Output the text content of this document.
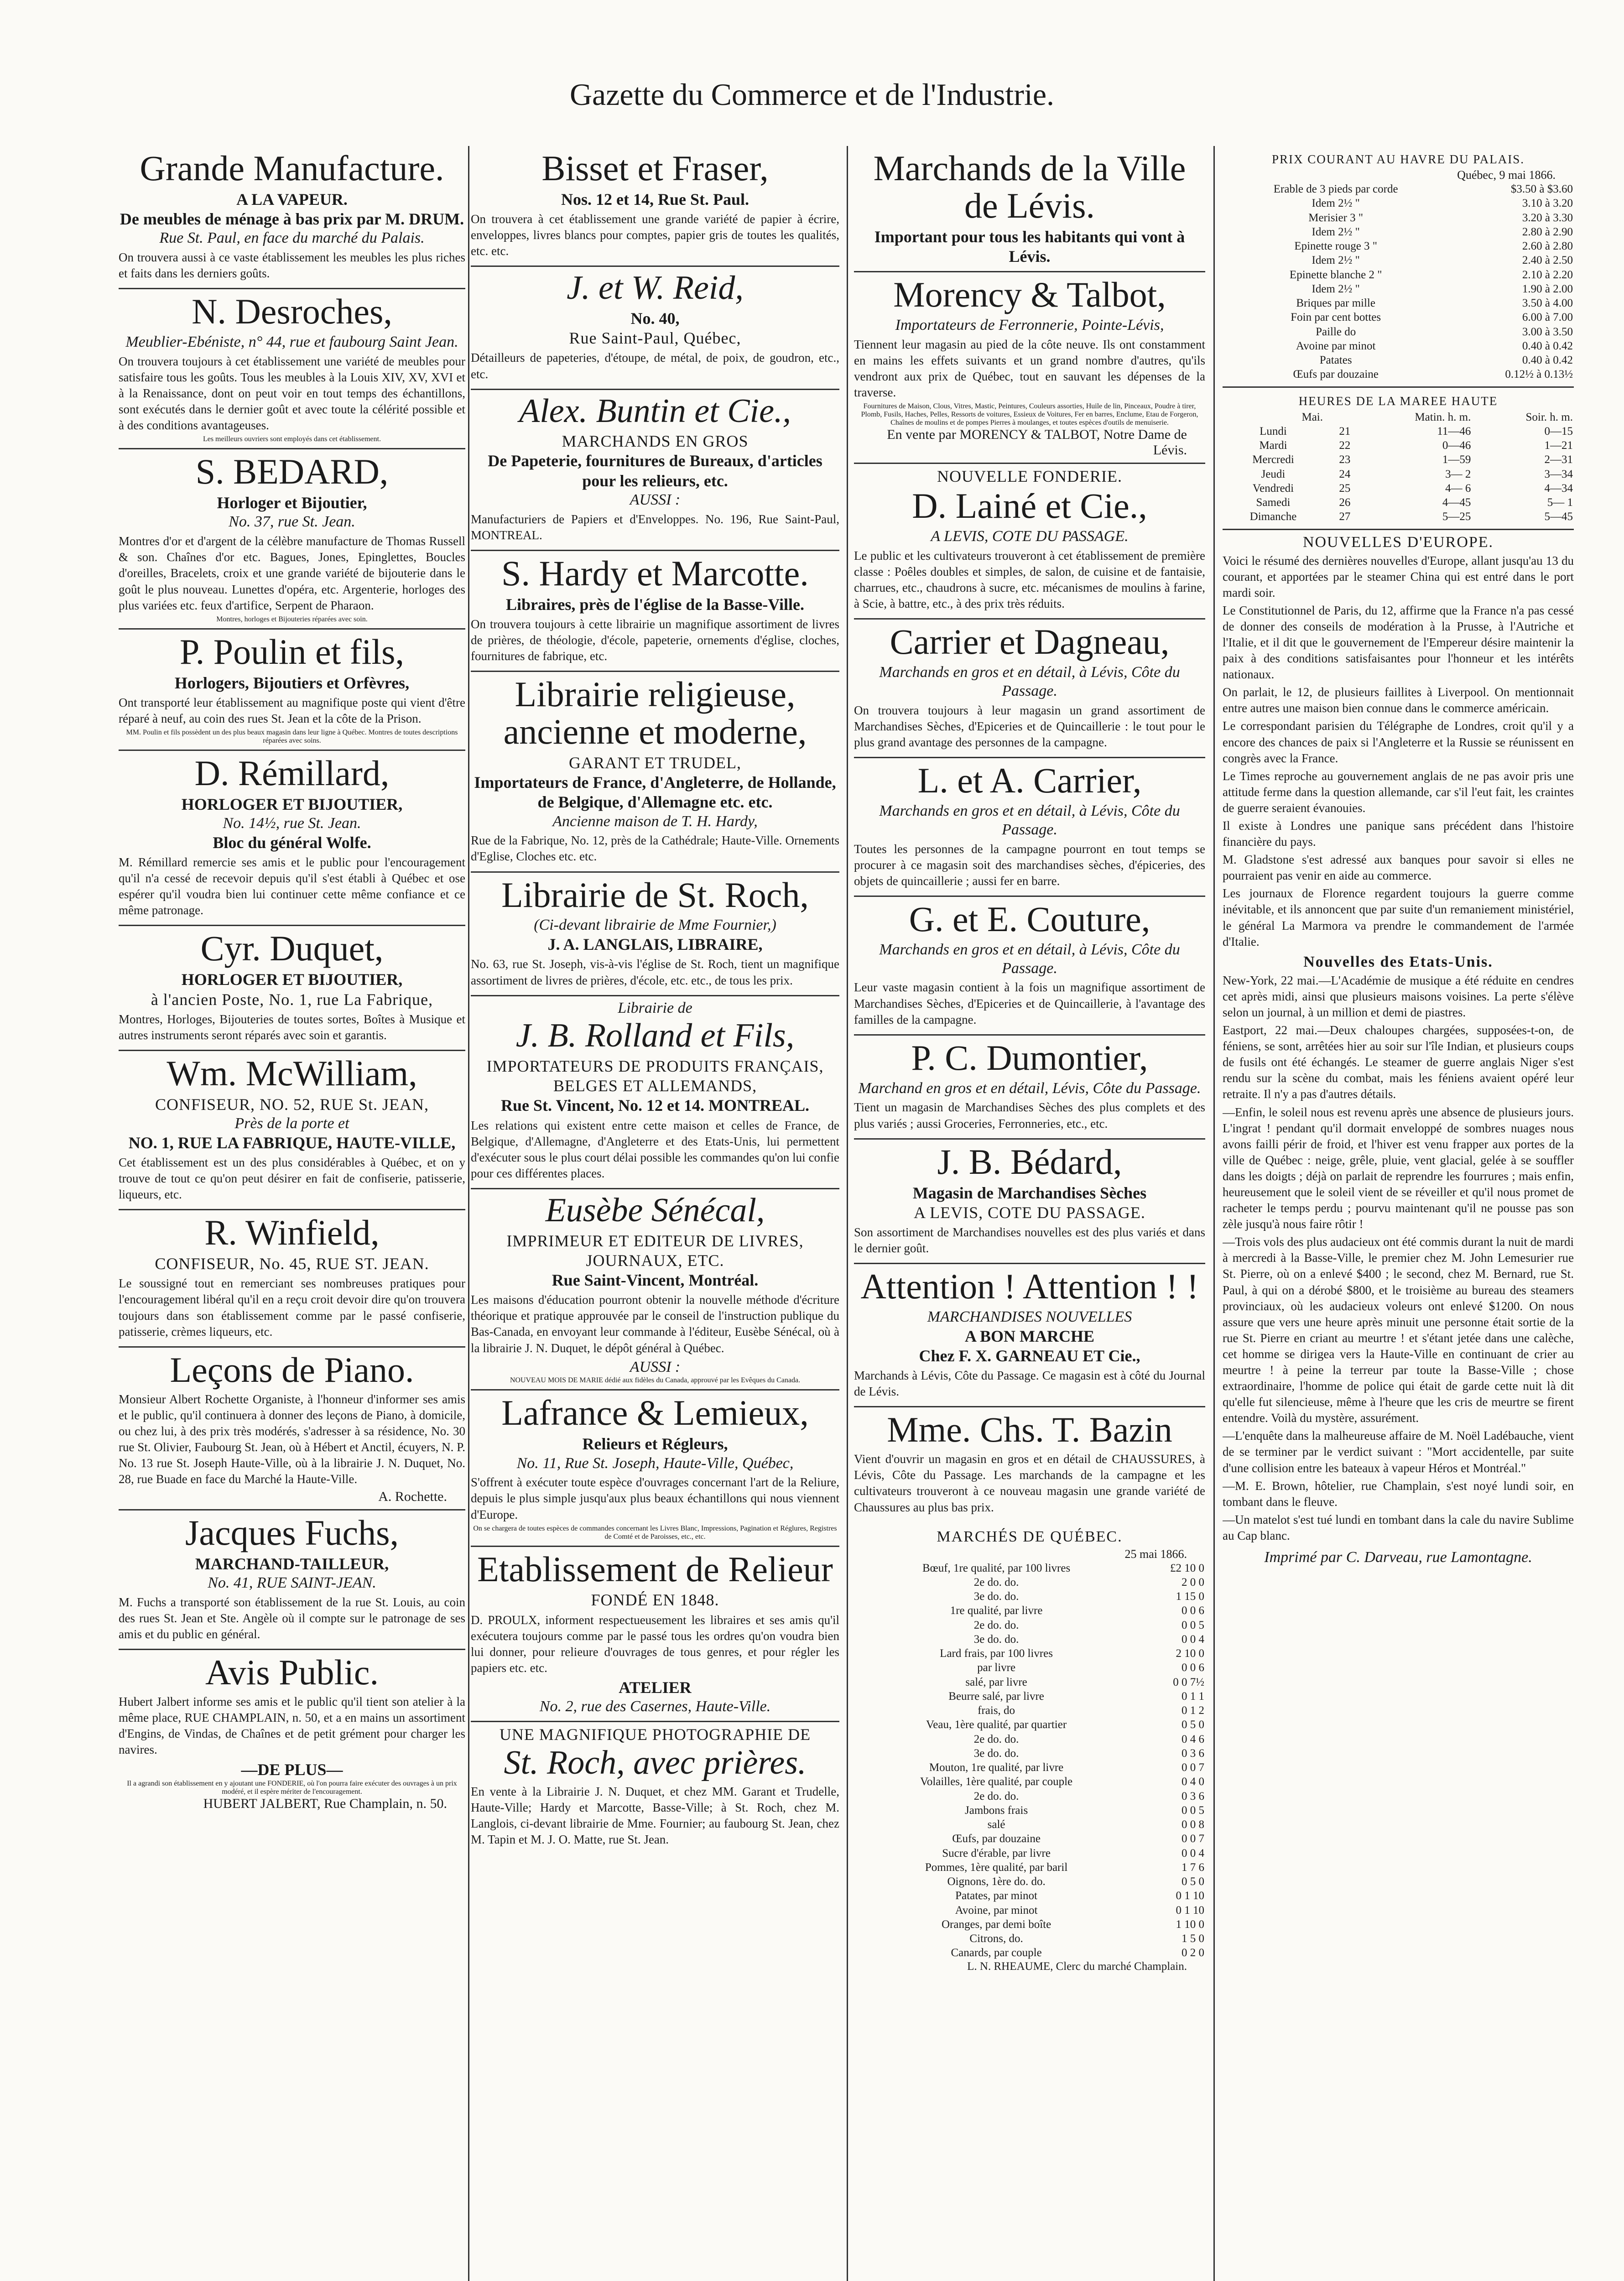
Gazette du Commerce et de l'Industrie.
Grande Manufacture.
A LA VAPEUR.
De meubles de ménage à bas prix par M. DRUM.
Rue St. Paul, en face du marché du Palais.
On trouvera aussi à ce vaste établissement les meubles les plus riches et faits dans les derniers goûts.
N. Desroches,
Meublier-Ebéniste, n° 44, rue et faubourg Saint Jean.
On trouvera toujours à cet établissement une variété de meubles pour satisfaire tous les goûts. Tous les meubles à la Louis XIV, XV, XVI et à la Renaissance, dont on peut voir en tout temps des échantillons, sont exécutés dans le dernier goût et avec toute la célérité possible et à des conditions avantageuses.
Les meilleurs ouvriers sont employés dans cet établissement.
S. BEDARD,
Horloger et Bijoutier,
No. 37, rue St. Jean.
Montres d'or et d'argent de la célèbre manufacture de Thomas Russell & son. Chaînes d'or etc. Bagues, Jones, Epinglettes, Boucles d'oreilles, Bracelets, croix et une grande variété de bijouterie dans le goût le plus nouveau. Lunettes d'opéra, etc. Argenterie, horloges des plus variées etc. feux d'artifice, Serpent de Pharaon.
Montres, horloges et Bijouteries réparées avec soin.
P. Poulin et fils,
Horlogers, Bijoutiers et Orfèvres,
Ont transporté leur établissement au magnifique poste qui vient d'être réparé à neuf, au coin des rues St. Jean et la côte de la Prison.
MM. Poulin et fils possèdent un des plus beaux magasin dans leur ligne à Québec. Montres de toutes descriptions réparées avec soins.
D. Rémillard,
HORLOGER ET BIJOUTIER,
No. 14½, rue St. Jean.
Bloc du général Wolfe.
M. Rémillard remercie ses amis et le public pour l'encouragement qu'il n'a cessé de recevoir depuis qu'il s'est établi à Québec et ose espérer qu'il voudra bien lui continuer cette même confiance et ce même patronage.
Cyr. Duquet,
HORLOGER ET BIJOUTIER,
à l'ancien Poste, No. 1, rue La Fabrique,
Montres, Horloges, Bijouteries de toutes sortes, Boîtes à Musique et autres instruments seront réparés avec soin et garantis.
Wm. McWilliam,
CONFISEUR, NO. 52, RUE St. JEAN,
Près de la porte et
NO. 1, RUE LA FABRIQUE, HAUTE-VILLE,
Cet établissement est un des plus considérables à Québec, et on y trouve de tout ce qu'on peut désirer en fait de confiserie, patisserie, liqueurs, etc.
R. Winfield,
CONFISEUR, No. 45, RUE ST. JEAN.
Le soussigné tout en remerciant ses nombreuses pratiques pour l'encouragement libéral qu'il en a reçu croit devoir dire qu'on trouvera toujours dans son établissement comme par le passé confiserie, patisserie, crèmes liqueurs, etc.
Leçons de Piano.
Monsieur Albert Rochette Organiste, à l'honneur d'informer ses amis et le public, qu'il continuera à donner des leçons de Piano, à domicile, ou chez lui, à des prix très modérés, s'adresser à sa résidence, No. 30 rue St. Olivier, Faubourg St. Jean, où à Hébert et Anctil, écuyers, N. P. No. 13 rue St. Joseph Haute-Ville, où à la librairie J. N. Duquet, No. 28, rue Buade en face du Marché la Haute-Ville.
A. Rochette.
Jacques Fuchs,
MARCHAND-TAILLEUR,
No. 41, RUE SAINT-JEAN.
M. Fuchs a transporté son établissement de la rue St. Louis, au coin des rues St. Jean et Ste. Angèle où il compte sur le patronage de ses amis et du public en général.
Avis Public.
Hubert Jalbert informe ses amis et le public qu'il tient son atelier à la même place, RUE CHAMPLAIN, n. 50, et a en mains un assortiment d'Engins, de Vindas, de Chaînes et de petit grément pour charger les navires.
—DE PLUS—
Il a agrandi son établissement en y ajoutant une FONDERIE, où l'on pourra faire exécuter des ouvrages à un prix modéré, et il espère mériter de l'encouragement.
HUBERT JALBERT, Rue Champlain, n. 50.
Bisset et Fraser,
Nos. 12 et 14, Rue St. Paul.
On trouvera à cet établissement une grande variété de papier à écrire, enveloppes, livres blancs pour comptes, papier gris de toutes les qualités, etc. etc.
J. et W. Reid,
No. 40,
Rue Saint-Paul, Québec,
Détailleurs de papeteries, d'étoupe, de métal, de poix, de goudron, etc., etc.
Alex. Buntin et Cie.,
MARCHANDS EN GROS
De Papeterie, fournitures de Bureaux, d'articles pour les relieurs, etc.
AUSSI :
Manufacturiers de Papiers et d'Enveloppes. No. 196, Rue Saint-Paul, MONTREAL.
S. Hardy et Marcotte.
Libraires, près de l'église de la Basse-Ville.
On trouvera toujours à cette librairie un magnifique assortiment de livres de prières, de théologie, d'école, papeterie, ornements d'église, cloches, fournitures de fabrique, etc.
Librairie religieuse, ancienne et moderne,
GARANT ET TRUDEL,
Importateurs de France, d'Angleterre, de Hollande, de Belgique, d'Allemagne etc. etc.
Ancienne maison de T. H. Hardy,
Rue de la Fabrique, No. 12, près de la Cathédrale; Haute-Ville. Ornements d'Eglise, Cloches etc. etc.
Librairie de St. Roch,
(Ci-devant librairie de Mme Fournier,)
J. A. LANGLAIS, LIBRAIRE,
No. 63, rue St. Joseph, vis-à-vis l'église de St. Roch, tient un magnifique assortiment de livres de prières, d'école, etc. etc., de tous les prix.
Librairie de
J. B. Rolland et Fils,
IMPORTATEURS DE PRODUITS FRANÇAIS, BELGES ET ALLEMANDS,
Rue St. Vincent, No. 12 et 14. MONTREAL.
Les relations qui existent entre cette maison et celles de France, de Belgique, d'Allemagne, d'Angleterre et des Etats-Unis, lui permettent d'exécuter sous le plus court délai possible les commandes qu'on lui confie pour ces différentes places.
Eusèbe Sénécal,
IMPRIMEUR ET EDITEUR DE LIVRES, JOURNAUX, ETC.
Rue Saint-Vincent, Montréal.
Les maisons d'éducation pourront obtenir la nouvelle méthode d'écriture théorique et pratique approuvée par le conseil de l'instruction publique du Bas-Canada, en envoyant leur commande à l'éditeur, Eusèbe Sénécal, où à la librairie J. N. Duquet, le dépôt général à Québec.
AUSSI :
NOUVEAU MOIS DE MARIE dédié aux fidèles du Canada, approuvé par les Evêques du Canada.
Lafrance & Lemieux,
Relieurs et Régleurs,
No. 11, Rue St. Joseph, Haute-Ville, Québec,
S'offrent à exécuter toute espèce d'ouvrages concernant l'art de la Reliure, depuis le plus simple jusqu'aux plus beaux échantillons qui nous viennent d'Europe.
On se chargera de toutes espèces de commandes concernant les Livres Blanc, Impressions, Pagination et Réglures, Registres de Comté et de Paroisses, etc., etc.
Etablissement de Relieur
FONDÉ EN 1848.
D. PROULX, informent respectueusement les libraires et ses amis qu'il exécutera toujours comme par le passé tous les ordres qu'on voudra bien lui donner, pour relieure d'ouvrages de tous genres, et pour régler les papiers etc. etc.
ATELIER
No. 2, rue des Casernes, Haute-Ville.
UNE MAGNIFIQUE PHOTOGRAPHIE DE
St. Roch, avec prières.
En vente à la Librairie J. N. Duquet, et chez MM. Garant et Trudelle, Haute-Ville; Hardy et Marcotte, Basse-Ville; à St. Roch, chez M. Langlois, ci-devant librairie de Mme. Fournier; au faubourg St. Jean, chez M. Tapin et M. J. O. Matte, rue St. Jean.
Marchands de la Ville de Lévis.
Important pour tous les habitants qui vont à Lévis.
Morency & Talbot,
Importateurs de Ferronnerie, Pointe-Lévis,
Tiennent leur magasin au pied de la côte neuve. Ils ont constamment en mains les effets suivants et un grand nombre d'autres, qu'ils vendront aux prix de Québec, tout en sauvant les dépenses de la traverse.
Fournitures de Maison, Clous, Vitres, Mastic, Peintures, Couleurs assorties, Huile de lin, Pinceaux, Poudre à tirer, Plomb, Fusils, Haches, Pelles, Ressorts de voitures, Essieux de Voitures, Fer en barres, Enclume, Etau de Forgeron, Chaînes de moulins et de pompes Pierres à moulanges, et toutes espèces d'outils de menuiserie.
En vente par MORENCY & TALBOT, Notre Dame de Lévis.
NOUVELLE FONDERIE.
D. Lainé et Cie.,
A LEVIS, COTE DU PASSAGE.
Le public et les cultivateurs trouveront à cet établissement de première classe : Poêles doubles et simples, de salon, de cuisine et de fantaisie, charrues, etc., chaudrons à sucre, etc. mécanismes de moulins à farine, à Scie, à battre, etc., à des prix très réduits.
Carrier et Dagneau,
Marchands en gros et en détail, à Lévis, Côte du Passage.
On trouvera toujours à leur magasin un grand assortiment de Marchandises Sèches, d'Epiceries et de Quincaillerie : le tout pour le plus grand avantage des personnes de la campagne.
L. et A. Carrier,
Marchands en gros et en détail, à Lévis, Côte du Passage.
Toutes les personnes de la campagne pourront en tout temps se procurer à ce magasin soit des marchandises sèches, d'épiceries, des objets de quincaillerie ; aussi fer en barre.
G. et E. Couture,
Marchands en gros et en détail, à Lévis, Côte du Passage.
Leur vaste magasin contient à la fois un magnifique assortiment de Marchandises Sèches, d'Epiceries et de Quincaillerie, à l'avantage des familles de la campagne.
P. C. Dumontier,
Marchand en gros et en détail, Lévis, Côte du Passage.
Tient un magasin de Marchandises Sèches des plus complets et des plus variés ; aussi Groceries, Ferronneries, etc., etc.
J. B. Bédard,
Magasin de Marchandises Sèches
A LEVIS, COTE DU PASSAGE.
Son assortiment de Marchandises nouvelles est des plus variés et dans le dernier goût.
Attention ! Attention ! !
MARCHANDISES NOUVELLES
A BON MARCHE
Chez F. X. GARNEAU ET Cie.,
Marchands à Lévis, Côte du Passage. Ce magasin est à côté du Journal de Lévis.
Mme. Chs. T. Bazin
Vient d'ouvrir un magasin en gros et en détail de CHAUSSURES, à Lévis, Côte du Passage. Les marchands de la campagne et les cultivateurs trouveront à ce nouveau magasin une grande variété de Chaussures au plus bas prix.
MARCHÉS DE QUÉBEC.
25 mai 1866.
Bœuf, 1re qualité, par 100 livres	£2 10 0
2e do. do.	2 0 0
3e do. do.	1 15 0
1re qualité, par livre	0 0 6
2e do. do.	0 0 5
3e do. do.	0 0 4
Lard frais, par 100 livres	2 10 0
par livre	0 0 6
salé, par livre	0 0 7½
Beurre salé, par livre	0 1 1
frais, do	0 1 2
Veau, 1ère qualité, par quartier	0 5 0
2e do. do.	0 4 6
3e do. do.	0 3 6
Mouton, 1re qualité, par livre	0 0 7
Volailles, 1ère qualité, par couple	0 4 0
2e do. do.	0 3 6
Jambons frais	0 0 5
salé	0 0 8
Œufs, par douzaine	0 0 7
Sucre d'érable, par livre	0 0 4
Pommes, 1ère qualité, par baril	1 7 6
Oignons, 1ère do. do.	0 5 0
Patates, par minot	0 1 10
Avoine, par minot	0 1 10
Oranges, par demi boîte	1 10 0
Citrons, do.	1 5 0
Canards, par couple	0 2 0
L. N. RHEAUME, Clerc du marché Champlain.
PRIX COURANT AU HAVRE DU PALAIS.
Québec, 9 mai 1866.
Erable de 3 pieds par corde	$3.50 à $3.60
Idem 2½ "	3.10 à 3.20
Merisier 3 "	3.20 à 3.30
Idem 2½ "	2.80 à 2.90
Epinette rouge 3 "	2.60 à 2.80
Idem 2½ "	2.40 à 2.50
Epinette blanche 2 "	2.10 à 2.20
Idem 2½ "	1.90 à 2.00
Briques par mille	3.50 à 4.00
Foin par cent bottes	6.00 à 7.00
Paille do	3.00 à 3.50
Avoine par minot	0.40 à 0.42
Patates	0.40 à 0.42
Œufs par douzaine	0.12½ à 0.13½
HEURES DE LA MAREE HAUTE
Mai.		Matin. h. m.	Soir. h. m.
Lundi	21	11—46	0—15
Mardi	22	0—46	1—21
Mercredi	23	1—59	2—31
Jeudi	24	3— 2	3—34
Vendredi	25	4— 6	4—34
Samedi	26	4—45	5— 1
Dimanche	27	5—25	5—45
NOUVELLES D'EUROPE.

Voici le résumé des dernières nouvelles d'Europe, allant jusqu'au 13 du courant, et apportées par le steamer China qui est entré dans le port mardi soir.

Le Constitutionnel de Paris, du 12, affirme que la France n'a pas cessé de donner des conseils de modération à la Prusse, à l'Autriche et l'Italie, et il dit que le gouvernement de l'Empereur désire maintenir la paix à des conditions satisfaisantes pour l'honneur et les intérêts nationaux.

On parlait, le 12, de plusieurs faillites à Liverpool. On mentionnait entre autres une maison bien connue dans le commerce américain.

Le correspondant parisien du Télégraphe de Londres, croit qu'il y a encore des chances de paix si l'Angleterre et la Russie se réunissent en congrès avec la France.

Le Times reproche au gouvernement anglais de ne pas avoir pris une attitude ferme dans la question allemande, car s'il l'eut fait, les craintes de guerre seraient évanouies.

Il existe à Londres une panique sans précédent dans l'histoire financière du pays.

M. Gladstone s'est adressé aux banques pour savoir si elles ne pourraient pas venir en aide au commerce.

Les journaux de Florence regardent toujours la guerre comme inévitable, et ils annoncent que par suite d'un remaniement ministériel, le général La Marmora va prendre le commandement de l'armée d'Italie.

Nouvelles des Etats-Unis.

New-York, 22 mai.—L'Académie de musique a été réduite en cendres cet après midi, ainsi que plusieurs maisons voisines. La perte s'élève selon un journal, à un million et demi de piastres.

Eastport, 22 mai.—Deux chaloupes chargées, supposées-t-on, de féniens, se sont, arrêtées hier au soir sur l'île Indian, et plusieurs coups de fusils ont été échangés. Le steamer de guerre anglais Niger s'est rendu sur la scène du combat, mais les féniens avaient opéré leur retraite. Il n'y a pas d'autres détails.

—Enfin, le soleil nous est revenu après une absence de plusieurs jours. L'ingrat ! pendant qu'il dormait enveloppé de sombres nuages nous avons failli périr de froid, et l'hiver est venu frapper aux portes de la ville de Québec : neige, grêle, pluie, vent glacial, gelée à se souffler dans les doigts ; déjà on parlait de reprendre les fourrures ; mais enfin, heureusement que le soleil vient de se réveiller et qu'il nous promet de racheter le temps perdu ; pourvu maintenant qu'il ne pousse pas son zèle jusqu'à nous faire rôtir !

—Trois vols des plus audacieux ont été commis durant la nuit de mardi à mercredi à la Basse-Ville, le premier chez M. John Lemesurier rue St. Pierre, où on a enlevé $400 ; le second, chez M. Bernard, rue St. Paul, à qui on a dérobé $800, et le troisième au bureau des steamers provinciaux, où les audacieux voleurs ont enlevé $1200. On nous assure que vers une heure après minuit une personne était sortie de la rue St. Pierre en criant au meurtre ! et s'étant jetée dans une calèche, cet homme se dirigea vers la Haute-Ville en continuant de crier au meurtre ! à peine la terreur par toute la Basse-Ville ; chose extraordinaire, l'homme de police qui était de garde cette nuit là dit qu'elle fut silencieuse, même à l'heure que les cris de meurtre se firent entendre. Voilà du mystère, assurément.

—L'enquête dans la malheureuse affaire de M. Noël Ladébauche, vient de se terminer par le verdict suivant : "Mort accidentelle, par suite d'une collision entre les bateaux à vapeur Héros et Montréal."

—M. E. Brown, hôtelier, rue Champlain, s'est noyé lundi soir, en tombant dans le fleuve.

—Un matelot s'est tué lundi en tombant dans la cale du navire Sublime au Cap blanc.

Imprimé par C. Darveau, rue Lamontagne.
